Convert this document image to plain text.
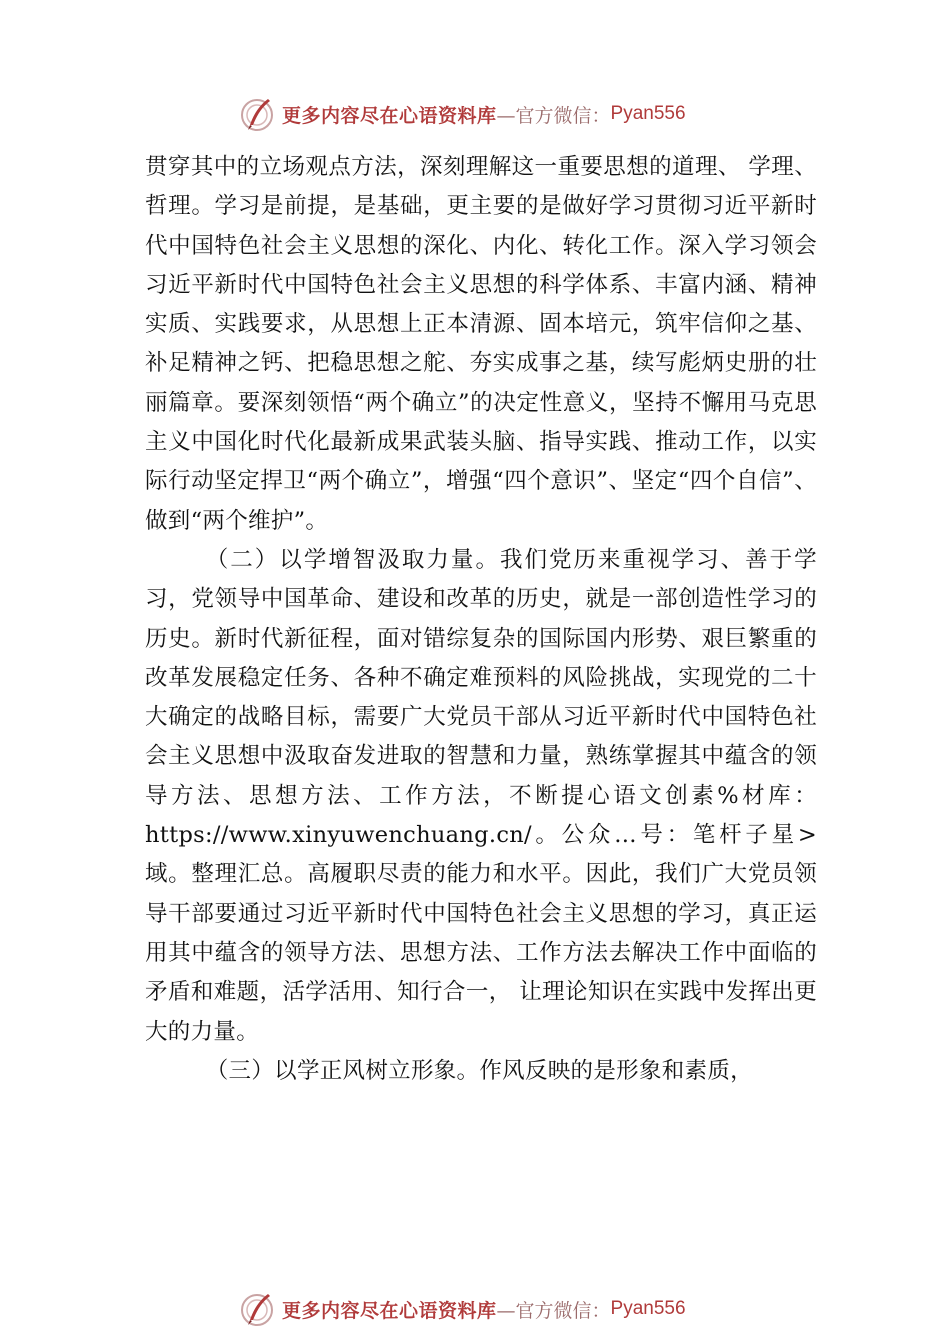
更多内容尽在心语资料库 —官方微信： Pyan556

贯穿其中的立场观点方法，深刻理解这一重要思想的道理、 学理、哲理。学习是前提，是基础，更主要的是做好学习贯彻习近平新时代中国特色社会主义思想的深化、内化、转化工作。深入学习领会习近平新时代中国特色社会主义思想的科学体系、丰富内涵、精神实质、实践要求，从思想上正本清源、固本培元，筑牢信仰之基、补足精神之钙、把稳思想之舵、夯实成事之基，续写彪炳史册的壮丽篇章。要深刻领悟“两个确立”的决定性意义，坚持不懈用马克思主义中国化时代化最新成果武装头脑、指导实践、推动工作，以实际行动坚定捍卫“两个确立”，增强“四个意识”、坚定“四个自信”、做到“两个维护”。

（二）以学增智汲取力量。我们党历来重视学习、善于学习，党领导中国革命、建设和改革的历史，就是一部创造性学习的历史。新时代新征程，面对错综复杂的国际国内形势、艰巨繁重的改革发展稳定任务、各种不确定难预料的风险挑战，实现党的二十大确定的战略目标，需要广大党员干部从习近平新时代中国特色社会主义思想中汲取奋发进取的智慧和力量，熟练掌握其中蕴含的领导方法、思想方法、工作方法，不断提心语文创素%材库：https://www.xinyuwenchuang.cn/。公众…号：笔杆子星>域。整理汇总。高履职尽责的能力和水平。因此，我们广大党员领导干部要通过习近平新时代中国特色社会主义思想的学习，真正运用其中蕴含的领导方法、思想方法、工作方法去解决工作中面临的矛盾和难题，活学活用、知行合一， 让理论知识在实践中发挥出更大的力量。

（三）以学正风树立形象。作风反映的是形象和素质，

更多内容尽在心语资料库 —官方微信： Pyan556
